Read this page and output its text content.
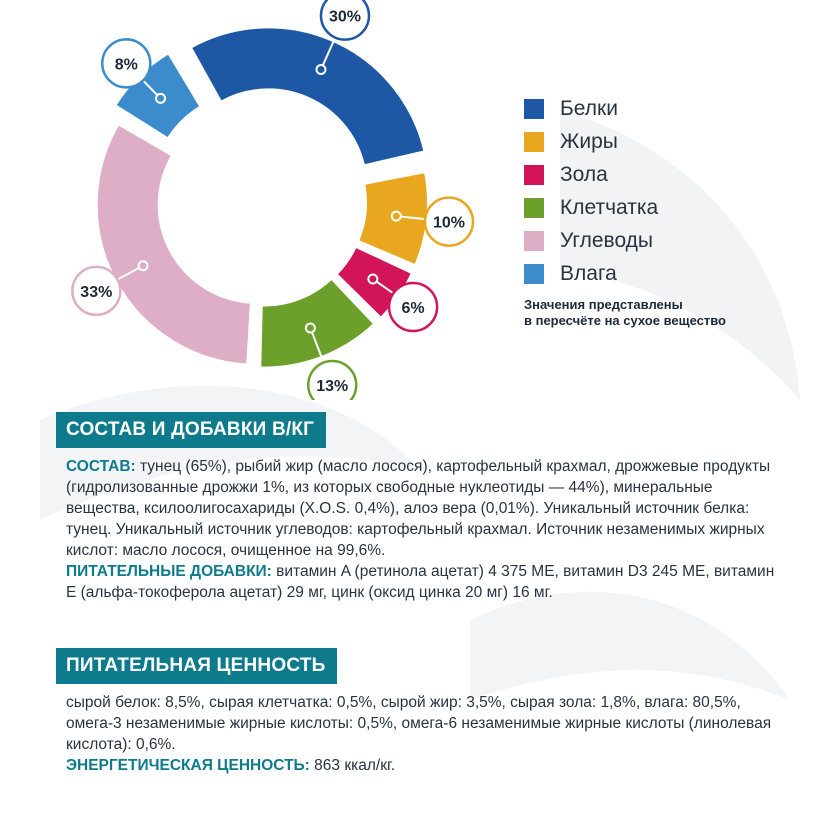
30%
10%
6%
13%
33%
8%
Белки
Жиры
Зола
Клетчатка
Углеводы
Влага
Значения представлены
в пересчёте на сухое вещество
СОСТАВ И ДОБАВКИ В/КГ
СОСТАВ: тунец (65%), рыбий жир (масло лосося), картофельный крахмал, дрожжевые продукты (гидролизованные дрожжи 1%, из которых свободные нуклеотиды — 44%), минеральные вещества, ксилоолигосахариды (X.O.S. 0,4%), алоэ вера (0,01%). Уникальный источник белка: тунец. Уникальный источник углеводов: картофельный крахмал. Источник незаменимых жирных кислот: масло лосося, очищенное на 99,6%.
ПИТАТЕЛЬНЫЕ ДОБАВКИ: витамин A (ретинола ацетат) 4 375 МЕ, витамин D3 245 МЕ, витамин E (альфа-токоферола ацетат) 29 мг, цинк (оксид цинка 20 мг) 16 мг.
ПИТАТЕЛЬНАЯ ЦЕННОСТЬ
сырой белок: 8,5%, сырая клетчатка: 0,5%, сырой жир: 3,5%, сырая зола: 1,8%, влага: 80,5%, омега-3 незаменимые жирные кислоты: 0,5%, омега-6 незаменимые жирные кислоты (линолевая кислота): 0,6%.
ЭНЕРГЕТИЧЕСКАЯ ЦЕННОСТЬ: 863 ккал/кг.
